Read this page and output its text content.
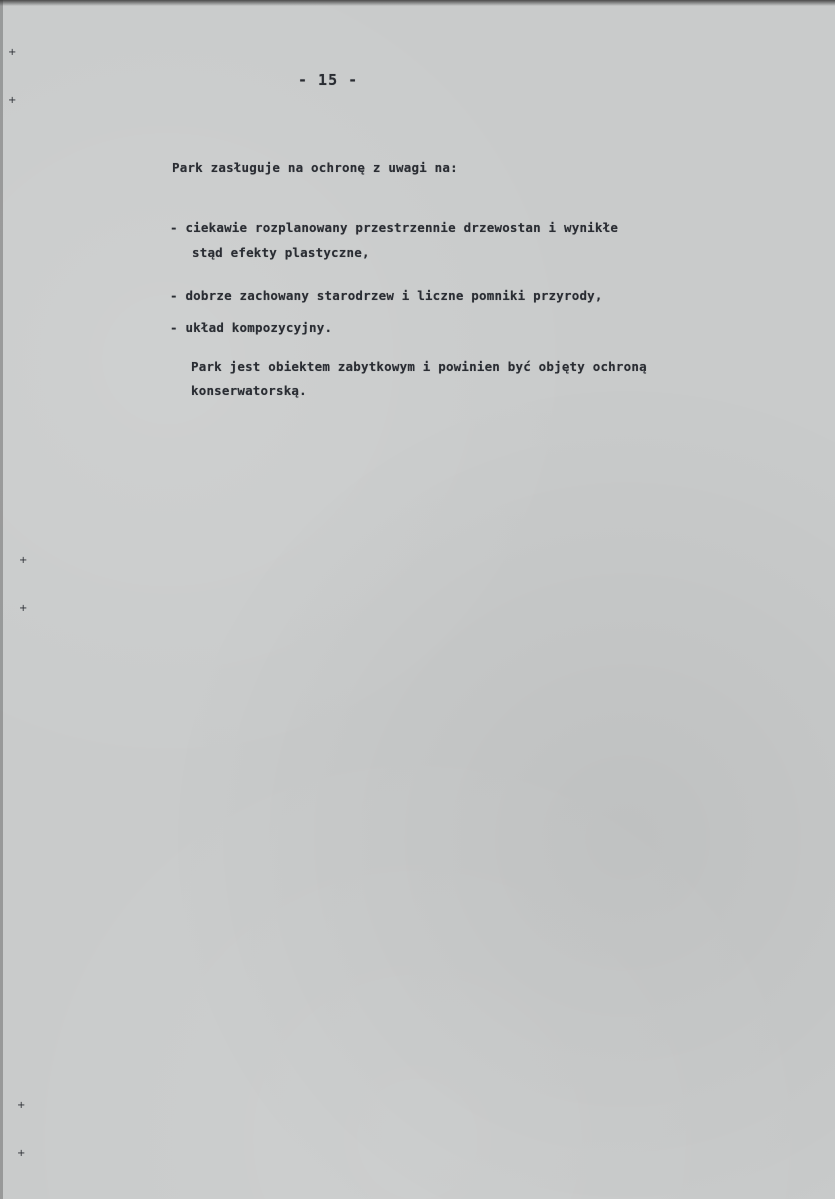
+
+
+
+
+
+
- 15 -
Park zasługuje na ochronę z uwagi na:
- ciekawie rozplanowany przestrzennie drzewostan i wynikłe
stąd efekty plastyczne,
- dobrze zachowany starodrzew i liczne pomniki przyrody,
- układ kompozycyjny.
Park jest obiektem zabytkowym i powinien być objęty ochroną
konserwatorską.
